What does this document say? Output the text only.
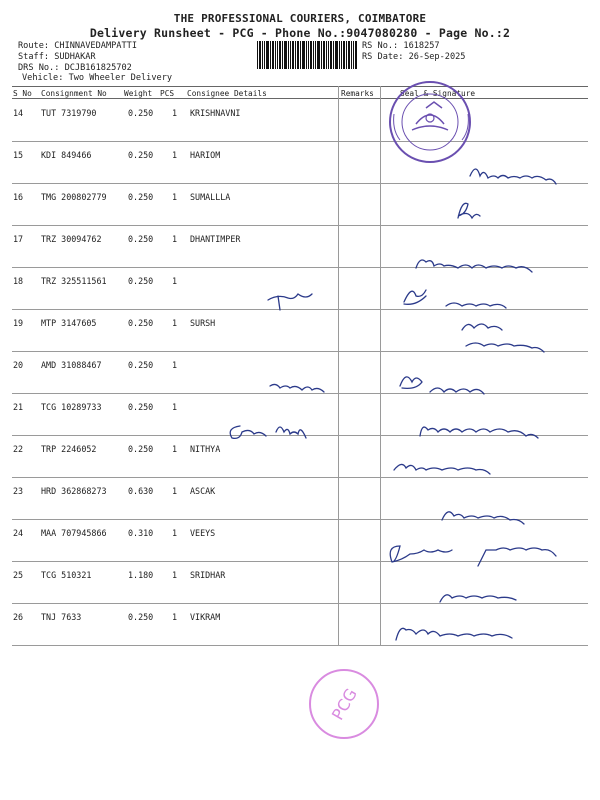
THE PROFESSIONAL COURIERS, COIMBATORE
Delivery Runsheet - PCG - Phone No.:9047080280 - Page No.:2
Route: CHINNAVEDAMPATTI
Staff: SUDHAKAR
DRS No.: DCJB161825702
Vehicle: Two Wheeler Delivery
RS No.: 1618257
RS Date: 26-Sep-2025
S No Consignment No Weight PCS Consignee Details	Remarks	Seal & Signature
14 TUT 7319790	0.250 1 KRISHNAVNI
15 KDI 849466	0.250 1 HARIOM
16 TMG 200802779	0.250 1 SUMALLLA
17 TRZ 30094762	0.250 1 DHANTIMPER
18 TRZ 325511561	0.250 1
19 MTP 3147605	0.250 1 SURSH
20 AMD 31088467	0.250 1
21 TCG 10289733	0.250 1
22 TRP 2246052	0.250 1 NITHYA
23 HRD 362868273	0.630 1 ASCAK
24 MAA 707945866	0.310 1 VEEYS
25 TCG 510321	1.180 1 SRIDHAR
26 TNJ 7633	0.250 1 VIKRAM
PCG
